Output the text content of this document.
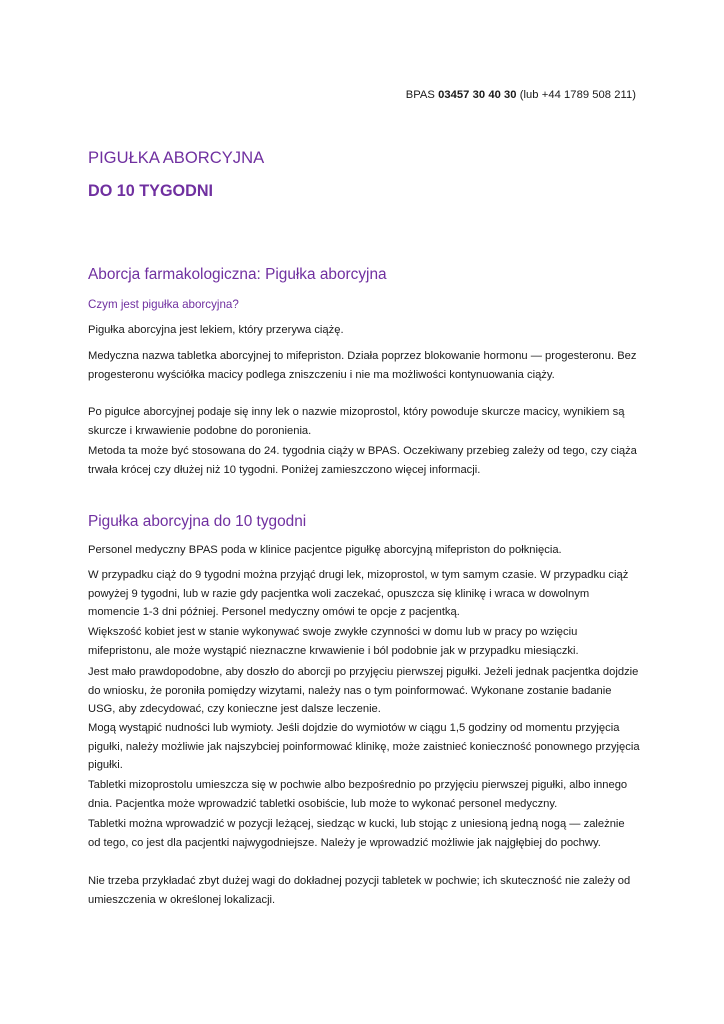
BPAS 03457 30 40 30 (lub +44 1789 508 211)
PIGUŁKA ABORCYJNA
DO 10 TYGODNI
Aborcja farmakologiczna: Pigułka aborcyjna
Czym jest pigułka aborcyjna?

Pigułka aborcyjna jest lekiem, który przerywa ciążę.

Medyczna nazwa tabletka aborcyjnej to mifepriston. Działa poprzez blokowanie hormonu — progesteronu. Bez progesteronu wyściółka macicy podlega zniszczeniu i nie ma możliwości kontynuowania ciąży.

Po pigułce aborcyjnej podaje się inny lek o nazwie mizoprostol, który powoduje skurcze macicy, wynikiem są skurcze i krwawienie podobne do poronienia.

Metoda ta może być stosowana do 24. tygodnia ciąży w BPAS. Oczekiwany przebieg zależy od tego, czy ciąża trwała krócej czy dłużej niż 10 tygodni. Poniżej zamieszczono więcej informacji.

Pigułka aborcyjna do 10 tygodni

Personel medyczny BPAS poda w klinice pacjentce pigułkę aborcyjną mifepriston do połknięcia.

W przypadku ciąż do 9 tygodni można przyjąć drugi lek, mizoprostol, w tym samym czasie. W przypadku ciąż powyżej 9 tygodni, lub w razie gdy pacjentka woli zaczekać, opuszcza się klinikę i wraca w dowolnym momencie 1-3 dni później. Personel medyczny omówi te opcje z pacjentką.

Większość kobiet jest w stanie wykonywać swoje zwykłe czynności w domu lub w pracy po wzięciu mifepristonu, ale może wystąpić nieznaczne krwawienie i ból podobnie jak w przypadku miesiączki.

Jest mało prawdopodobne, aby doszło do aborcji po przyjęciu pierwszej pigułki. Jeżeli jednak pacjentka dojdzie do wniosku, że poroniła pomiędzy wizytami, należy nas o tym poinformować. Wykonane zostanie badanie USG, aby zdecydować, czy konieczne jest dalsze leczenie.

Mogą wystąpić nudności lub wymioty. Jeśli dojdzie do wymiotów w ciągu 1,5 godziny od momentu przyjęcia pigułki, należy możliwie jak najszybciej poinformować klinikę, może zaistnieć konieczność ponownego przyjęcia pigułki.

Tabletki mizoprostolu umieszcza się w pochwie albo bezpośrednio po przyjęciu pierwszej pigułki, albo innego dnia. Pacjentka może wprowadzić tabletki osobiście, lub może to wykonać personel medyczny.

Tabletki można wprowadzić w pozycji leżącej, siedząc w kucki, lub stojąc z uniesioną jedną nogą — zależnie od tego, co jest dla pacjentki najwygodniejsze. Należy je wprowadzić możliwie jak najgłębiej do pochwy.

Nie trzeba przykładać zbyt dużej wagi do dokładnej pozycji tabletek w pochwie; ich skuteczność nie zależy od umieszczenia w określonej lokalizacji.
